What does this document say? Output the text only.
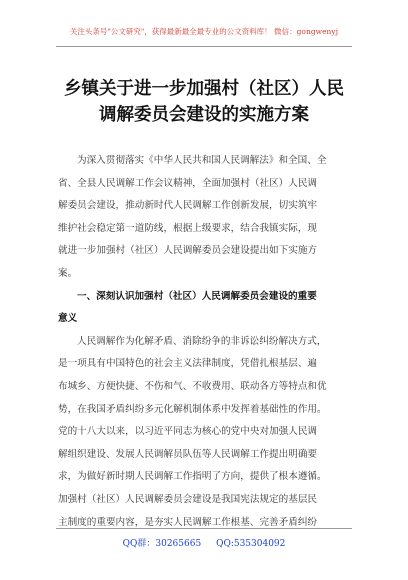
关注头条号"公文研究"，获得最新最全最专业的公文资料库！ 微信：gongwenyj
乡镇关于进一步加强村（社区）人民
调解委员会建设的实施方案
为深入贯彻落实《中华人民共和国人民调解法》和全国、全
省、全县人民调解工作会议精神，全面加强村（社区）人民调
解委员会建设，推动新时代人民调解工作创新发展，切实筑牢
维护社会稳定第一道防线，根据上级要求，结合我镇实际，现
就进一步加强村（社区）人民调解委员会建设提出如下实施方
案。
一、深刻认识加强村（社区）人民调解委员会建设的重要
意义
人民调解作为化解矛盾、消除纷争的非诉讼纠纷解决方式，
是一项具有中国特色的社会主义法律制度，凭借扎根基层、遍
布城乡、方便快捷、不伤和气、不收费用、联动各方等特点和优
势，在我国矛盾纠纷多元化解机制体系中发挥着基础性的作用。
党的十八大以来，以习近平同志为核心的党中央对加强人民调
解组织建设、发展人民调解员队伍等人民调解工作提出明确要
求，为做好新时期人民调解工作指明了方向，提供了根本遵循。
加强村（社区）人民调解委员会建设是我国宪法规定的基层民
主制度的重要内容，是夯实人民调解工作根基、完善矛盾纠纷
QQ群：30265665 QQ:535304092
